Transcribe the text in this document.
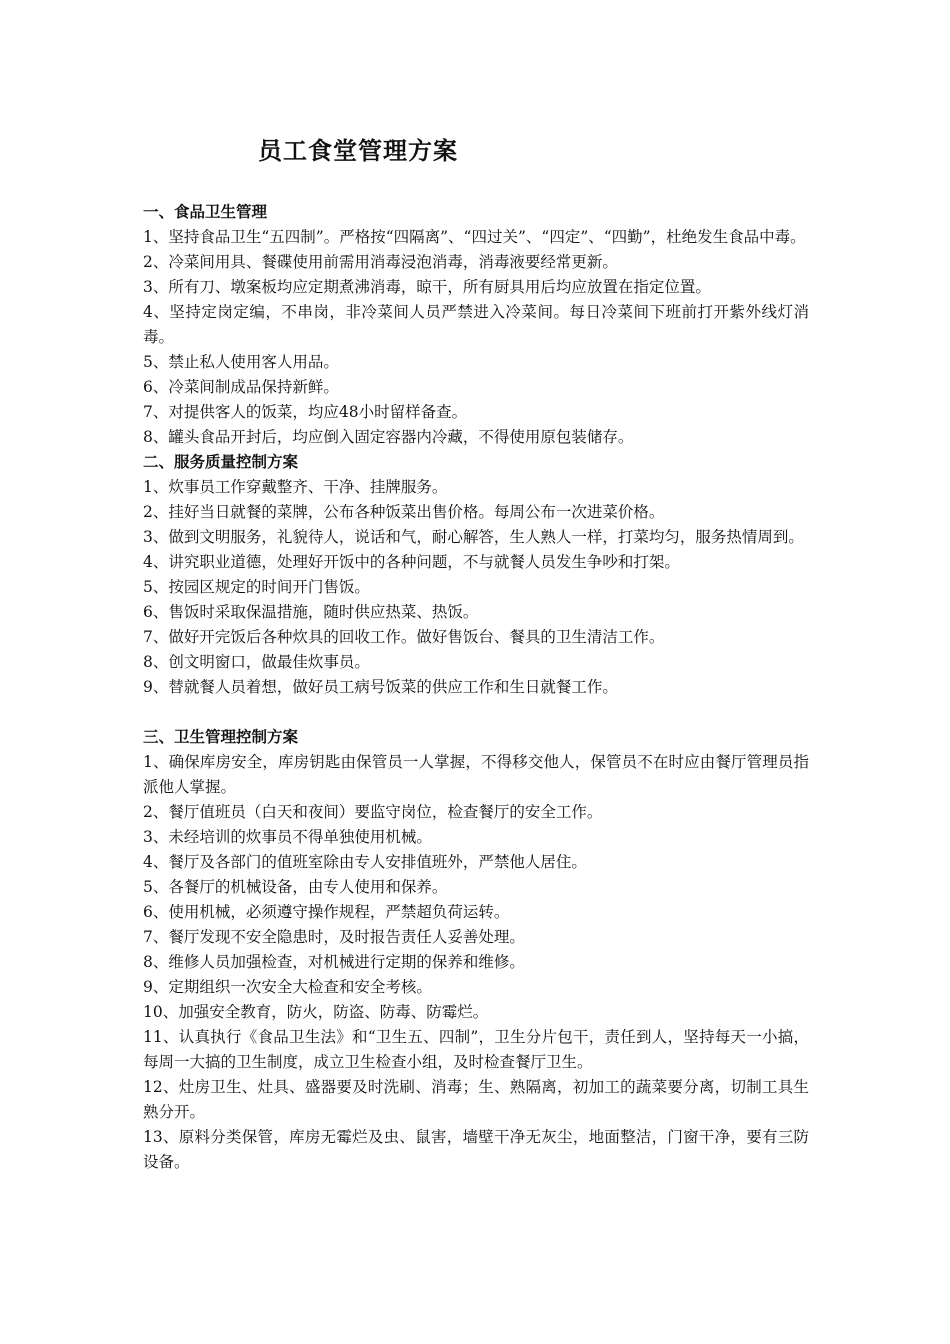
员工食堂管理方案
一、食品卫生管理
1、坚持食品卫生“五四制”。严格按“四隔离”、“四过关”、“四定”、“四勤”，杜绝发生食品中毒。
2、冷菜间用具、餐碟使用前需用消毒浸泡消毒，消毒液要经常更新。
3、所有刀、墩案板均应定期煮沸消毒，晾干，所有厨具用后均应放置在指定位置。
4、坚持定岗定编，不串岗，非冷菜间人员严禁进入冷菜间。每日冷菜间下班前打开紫外线灯消毒。
5、禁止私人使用客人用品。
6、冷菜间制成品保持新鲜。
7、对提供客人的饭菜，均应48小时留样备查。
8、罐头食品开封后，均应倒入固定容器内冷藏，不得使用原包装储存。
二、服务质量控制方案
1、炊事员工作穿戴整齐、干净、挂牌服务。
2、挂好当日就餐的菜牌，公布各种饭菜出售价格。每周公布一次进菜价格。
3、做到文明服务，礼貌待人，说话和气，耐心解答，生人熟人一样，打菜均匀，服务热情周到。
4、讲究职业道德，处理好开饭中的各种问题，不与就餐人员发生争吵和打架。
5、按园区规定的时间开门售饭。
6、售饭时采取保温措施，随时供应热菜、热饭。
7、做好开完饭后各种炊具的回收工作。做好售饭台、餐具的卫生清洁工作。
8、创文明窗口，做最佳炊事员。
9、替就餐人员着想，做好员工病号饭菜的供应工作和生日就餐工作。
三、卫生管理控制方案
1、确保库房安全，库房钥匙由保管员一人掌握，不得移交他人，保管员不在时应由餐厅管理员指派他人掌握。
2、餐厅值班员（白天和夜间）要监守岗位，检查餐厅的安全工作。
3、未经培训的炊事员不得单独使用机械。
4、餐厅及各部门的值班室除由专人安排值班外，严禁他人居住。
5、各餐厅的机械设备，由专人使用和保养。
6、使用机械，必须遵守操作规程，严禁超负荷运转。
7、餐厅发现不安全隐患时，及时报告责任人妥善处理。
8、维修人员加强检查，对机械进行定期的保养和维修。
9、定期组织一次安全大检查和安全考核。
10、加强安全教育，防火，防盗、防毒、防霉烂。
11、认真执行《食品卫生法》和“卫生五、四制”，卫生分片包干，责任到人，坚持每天一小搞，每周一大搞的卫生制度，成立卫生检查小组，及时检查餐厅卫生。
12、灶房卫生、灶具、盛器要及时洗刷、消毒；生、熟隔离，初加工的蔬菜要分离，切制工具生熟分开。
13、原料分类保管，库房无霉烂及虫、鼠害，墙壁干净无灰尘，地面整洁，门窗干净，要有三防设备。
